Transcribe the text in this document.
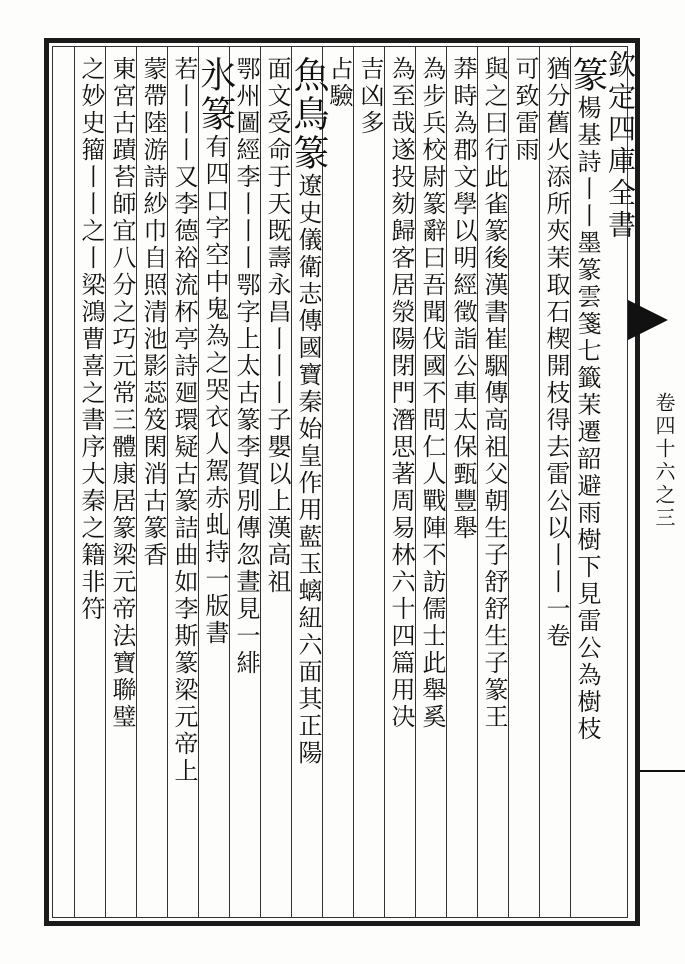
欽定四庫全書
卷四十六之三
篆楊基詩丨丨墨篆雲箋七籤茉遷韶避雨樹下見雷公為樹枝
猶分舊火添所夾茉取石楔開枝得去雷公以丨丨一卷
可致雷雨
與之曰行此雀篆後漢書崔駰傳高祖父朝生子舒舒生子篆王
莽時為郡文學以明經徵詣公車太保甄豐舉
為步兵校尉篆辭曰吾聞伐國不問仁人戰陣不訪儒士此舉奚
為至哉遂投劾歸客居滎陽閉門潛思著周易林六十四篇用决
吉凶多
占驗
魚鳥篆遼史儀衛志傳國寶秦始皇作用藍玉螭紐六面其正陽
面文受命于天既壽永昌丨丨丨子嬰以上漢高祖
鄂州圖經李丨丨丨鄂字上太古篆李賀別傳忽晝見一緋
氷篆有四口字空中鬼為之哭衣人駕赤虬持一版書
若丨丨丨又李德裕流杯亭詩廻環疑古篆詰曲如李斯篆梁元帝上
蒙帶陸游詩紗巾自照清池影蕊笈閑消古篆香
東宮古蹟苔師宜八分之巧元常三體康居篆梁元帝法寶聯璧
之妙史籀丨丨之丨梁鴻曹喜之書序大秦之籍非符
